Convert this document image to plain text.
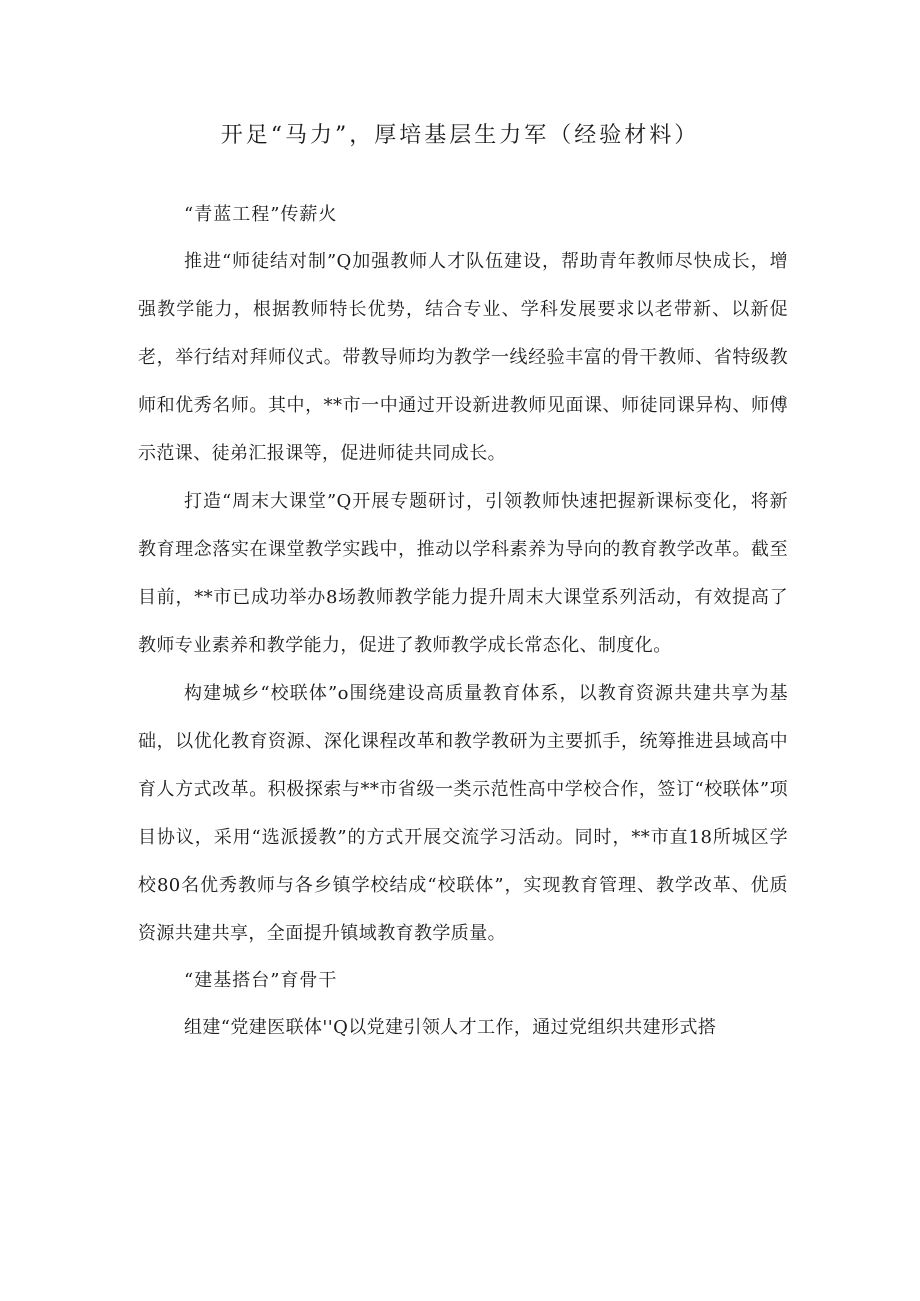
开足“马力”，厚培基层生力军（经验材料）
“青蓝工程”传薪火

推进“师徒结对制”Q加强教师人才队伍建设，帮助青年教师尽快成长，增强教学能力，根据教师特长优势，结合专业、学科发展要求以老带新、以新促老，举行结对拜师仪式。带教导师均为教学一线经验丰富的骨干教师、省特级教师和优秀名师。其中，**市一中通过开设新进教师见面课、师徒同课异构、师傅示范课、徒弟汇报课等，促进师徒共同成长。

打造“周末大课堂”Q开展专题研讨，引领教师快速把握新课标变化，将新教育理念落实在课堂教学实践中，推动以学科素养为导向的教育教学改革。截至目前，**市已成功举办8场教师教学能力提升周末大课堂系列活动，有效提高了教师专业素养和教学能力，促进了教师教学成长常态化、制度化。

构建城乡“校联体”o围绕建设高质量教育体系，以教育资源共建共享为基础，以优化教育资源、深化课程改革和教学教研为主要抓手，统筹推进县域高中育人方式改革。积极探索与**市省级一类示范性高中学校合作，签订“校联体”项目协议，采用“选派援教”的方式开展交流学习活动。同时，**市直18所城区学校80名优秀教师与各乡镇学校结成“校联体”，实现教育管理、教学改革、优质资源共建共享，全面提升镇域教育教学质量。

“建基搭台”育骨干

组建“党建医联体''Q以党建引领人才工作，通过党组织共建形式搭
